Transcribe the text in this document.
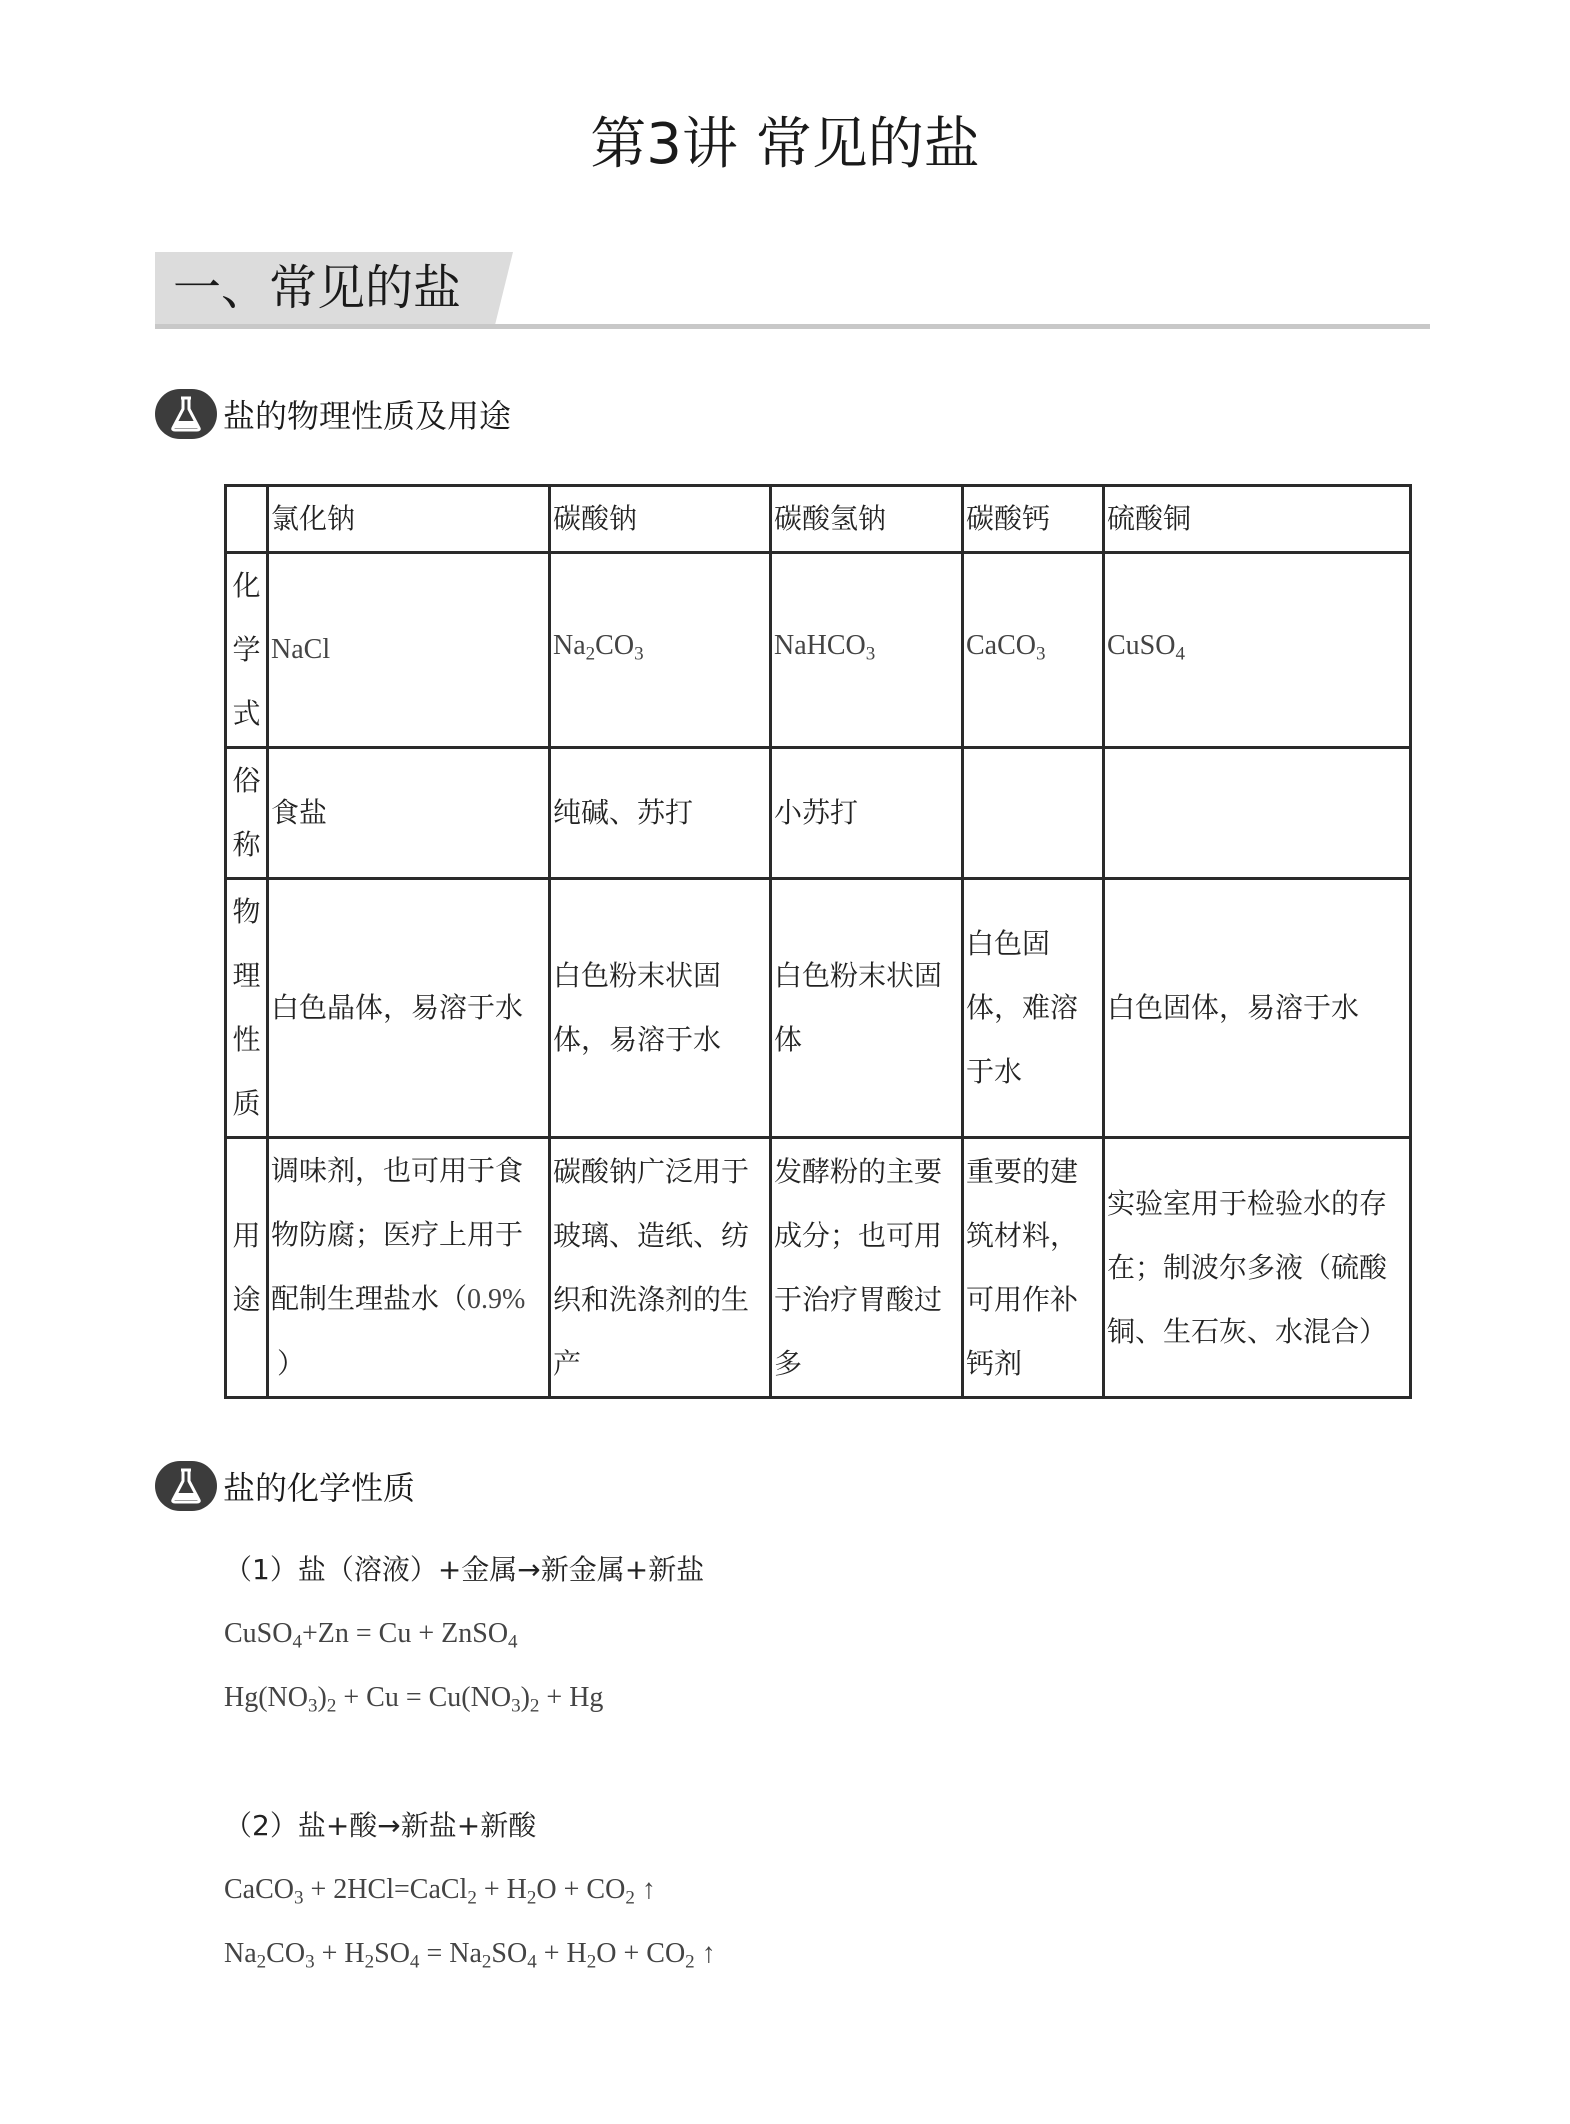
第3讲 常见的盐
一、常见的盐
盐的物理性质及用途
	氯化钠	碳酸钠	碳酸氢钠	碳酸钙	硫酸铜

化
学
式	NaCl	$Na_2CO_3$	NaHCO$_3$	CaCO$_3$	CuSO$_4$

俗
称	食盐	纯碱、苏打	小苏打		

物
理
性
质	白色晶体，易溶于水	白色粉末状固
体，易溶于水	白色粉末状固
体	白色固
体，难溶
于水	白色固体，易溶于水

用
途	调味剂，也可用于食
物防腐；医疗上用于
配制生理盐水（0.9%
）	碳酸钠广泛用于
玻璃、造纸、纺
织和洗涤剂的生
产	发酵粉的主要
成分；也可用
于治疗胃酸过
多	重要的建
筑材料，
可用作补
钙剂	实验室用于检验水的存
在；制波尔多液（硫酸
铜、生石灰、水混合）
盐的化学性质
（1）盐（溶液）+金属→新金属+新盐
CuSO$_4$+Zn = Cu + ZnSO$_4$
$Hg(NO_3)_2 + Cu = Cu(NO_3)_2 + Hg$
（2）盐+酸→新盐+新酸
CaCO$_3$ + 2HCl=CaCl$_2$ + $H_2O + CO_2$ ↑
$Na_2CO_3 + H_2SO_4 = Na_2SO_4 + H_2O + CO_2$ ↑
